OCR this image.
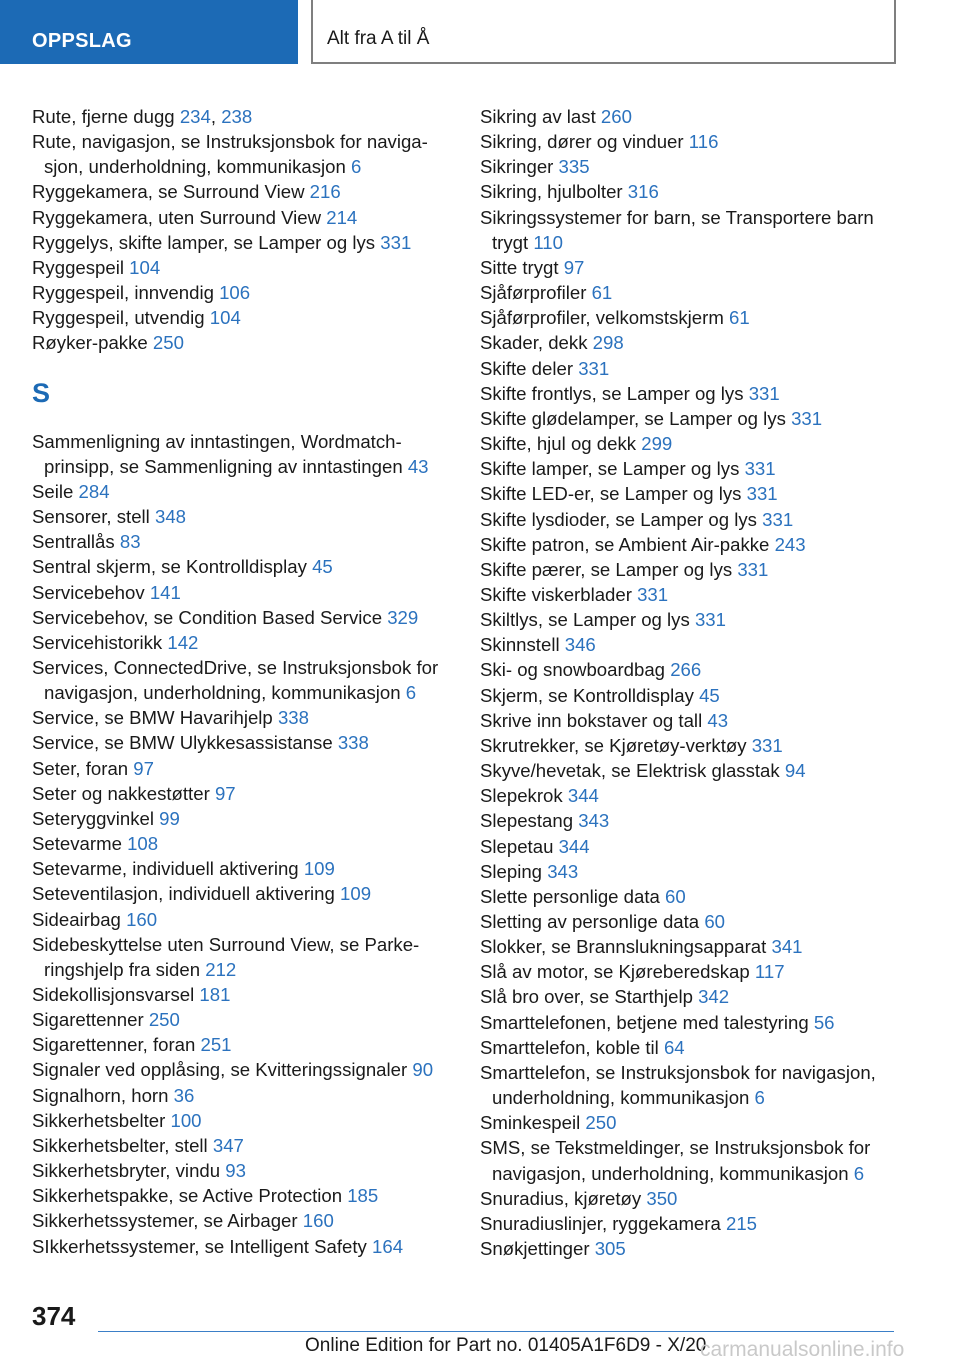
OPPSLAG	Alt fra A til Å
Rute, fjerne dugg 234, 238
Rute, navigasjon, se Instruksjonsbok for naviga-sjon, underholdning, kommunikasjon 6
Ryggekamera, se Surround View 216
Ryggekamera, uten Surround View 214
Ryggelys, skifte lamper, se Lamper og lys 331
Ryggespeil 104
Ryggespeil, innvendig 106
Ryggespeil, utvendig 104
Røyker-pakke 250
S
Sammenligning av inntastingen, Wordmatch-prinsipp, se Sammenligning av inntastingen 43
Seile 284
Sensorer, stell 348
Sentrallås 83
Sentral skjerm, se Kontrolldisplay 45
Servicebehov 141
Servicebehov, se Condition Based Service 329
Servicehistorikk 142
Services, ConnectedDrive, se Instruksjonsbok for navigasjon, underholdning, kommunikasjon 6
Service, se BMW Havarihjelp 338
Service, se BMW Ulykkesassistanse 338
Seter, foran 97
Seter og nakkestøtter 97
Seteryggvinkel 99
Setevarme 108
Setevarme, individuell aktivering 109
Seteventilasjon, individuell aktivering 109
Sideairbag 160
Sidebeskyttelse uten Surround View, se Parke-ringshjelp fra siden 212
Sidekollisjonsvarsel 181
Sigarettenner 250
Sigarettenner, foran 251
Signaler ved opplåsing, se Kvitteringssignaler 90
Signalhorn, horn 36
Sikkerhetsbelter 100
Sikkerhetsbelter, stell 347
Sikkerhetsbryter, vindu 93
Sikkerhetspakke, se Active Protection 185
Sikkerhetssystemer, se Airbager 160
SIkkerhetssystemer, se Intelligent Safety 164
Sikring av last 260
Sikring, dører og vinduer 116
Sikringer 335
Sikring, hjulbolter 316
Sikringssystemer for barn, se Transportere barn trygt 110
Sitte trygt 97
Sjåførprofiler 61
Sjåførprofiler, velkomstskjerm 61
Skader, dekk 298
Skifte deler 331
Skifte frontlys, se Lamper og lys 331
Skifte glødelamper, se Lamper og lys 331
Skifte, hjul og dekk 299
Skifte lamper, se Lamper og lys 331
Skifte LED-er, se Lamper og lys 331
Skifte lysdioder, se Lamper og lys 331
Skifte patron, se Ambient Air-pakke 243
Skifte pærer, se Lamper og lys 331
Skifte viskerblader 331
Skiltlys, se Lamper og lys 331
Skinnstell 346
Ski- og snowboardbag 266
Skjerm, se Kontrolldisplay 45
Skrive inn bokstaver og tall 43
Skrutrekker, se Kjøretøy-verktøy 331
Skyve/hevetak, se Elektrisk glasstak 94
Slepekrok 344
Slepestang 343
Slepetau 344
Sleping 343
Slette personlige data 60
Sletting av personlige data 60
Slokker, se Brannslukningsapparat 341
Slå av motor, se Kjøreberedskap 117
Slå bro over, se Starthjelp 342
Smarttelefonen, betjene med talestyring 56
Smarttelefon, koble til 64
Smarttelefon, se Instruksjonsbok for navigasjon, underholdning, kommunikasjon 6
Sminkespeil 250
SMS, se Tekstmeldinger, se Instruksjonsbok for navigasjon, underholdning, kommunikasjon 6
Snuradius, kjøretøy 350
Snuradiuslinjer, ryggekamera 215
Snøkjettinger 305
374
Online Edition for Part no. 01405A1F6D9 - X/20
carmanualsonline.info
